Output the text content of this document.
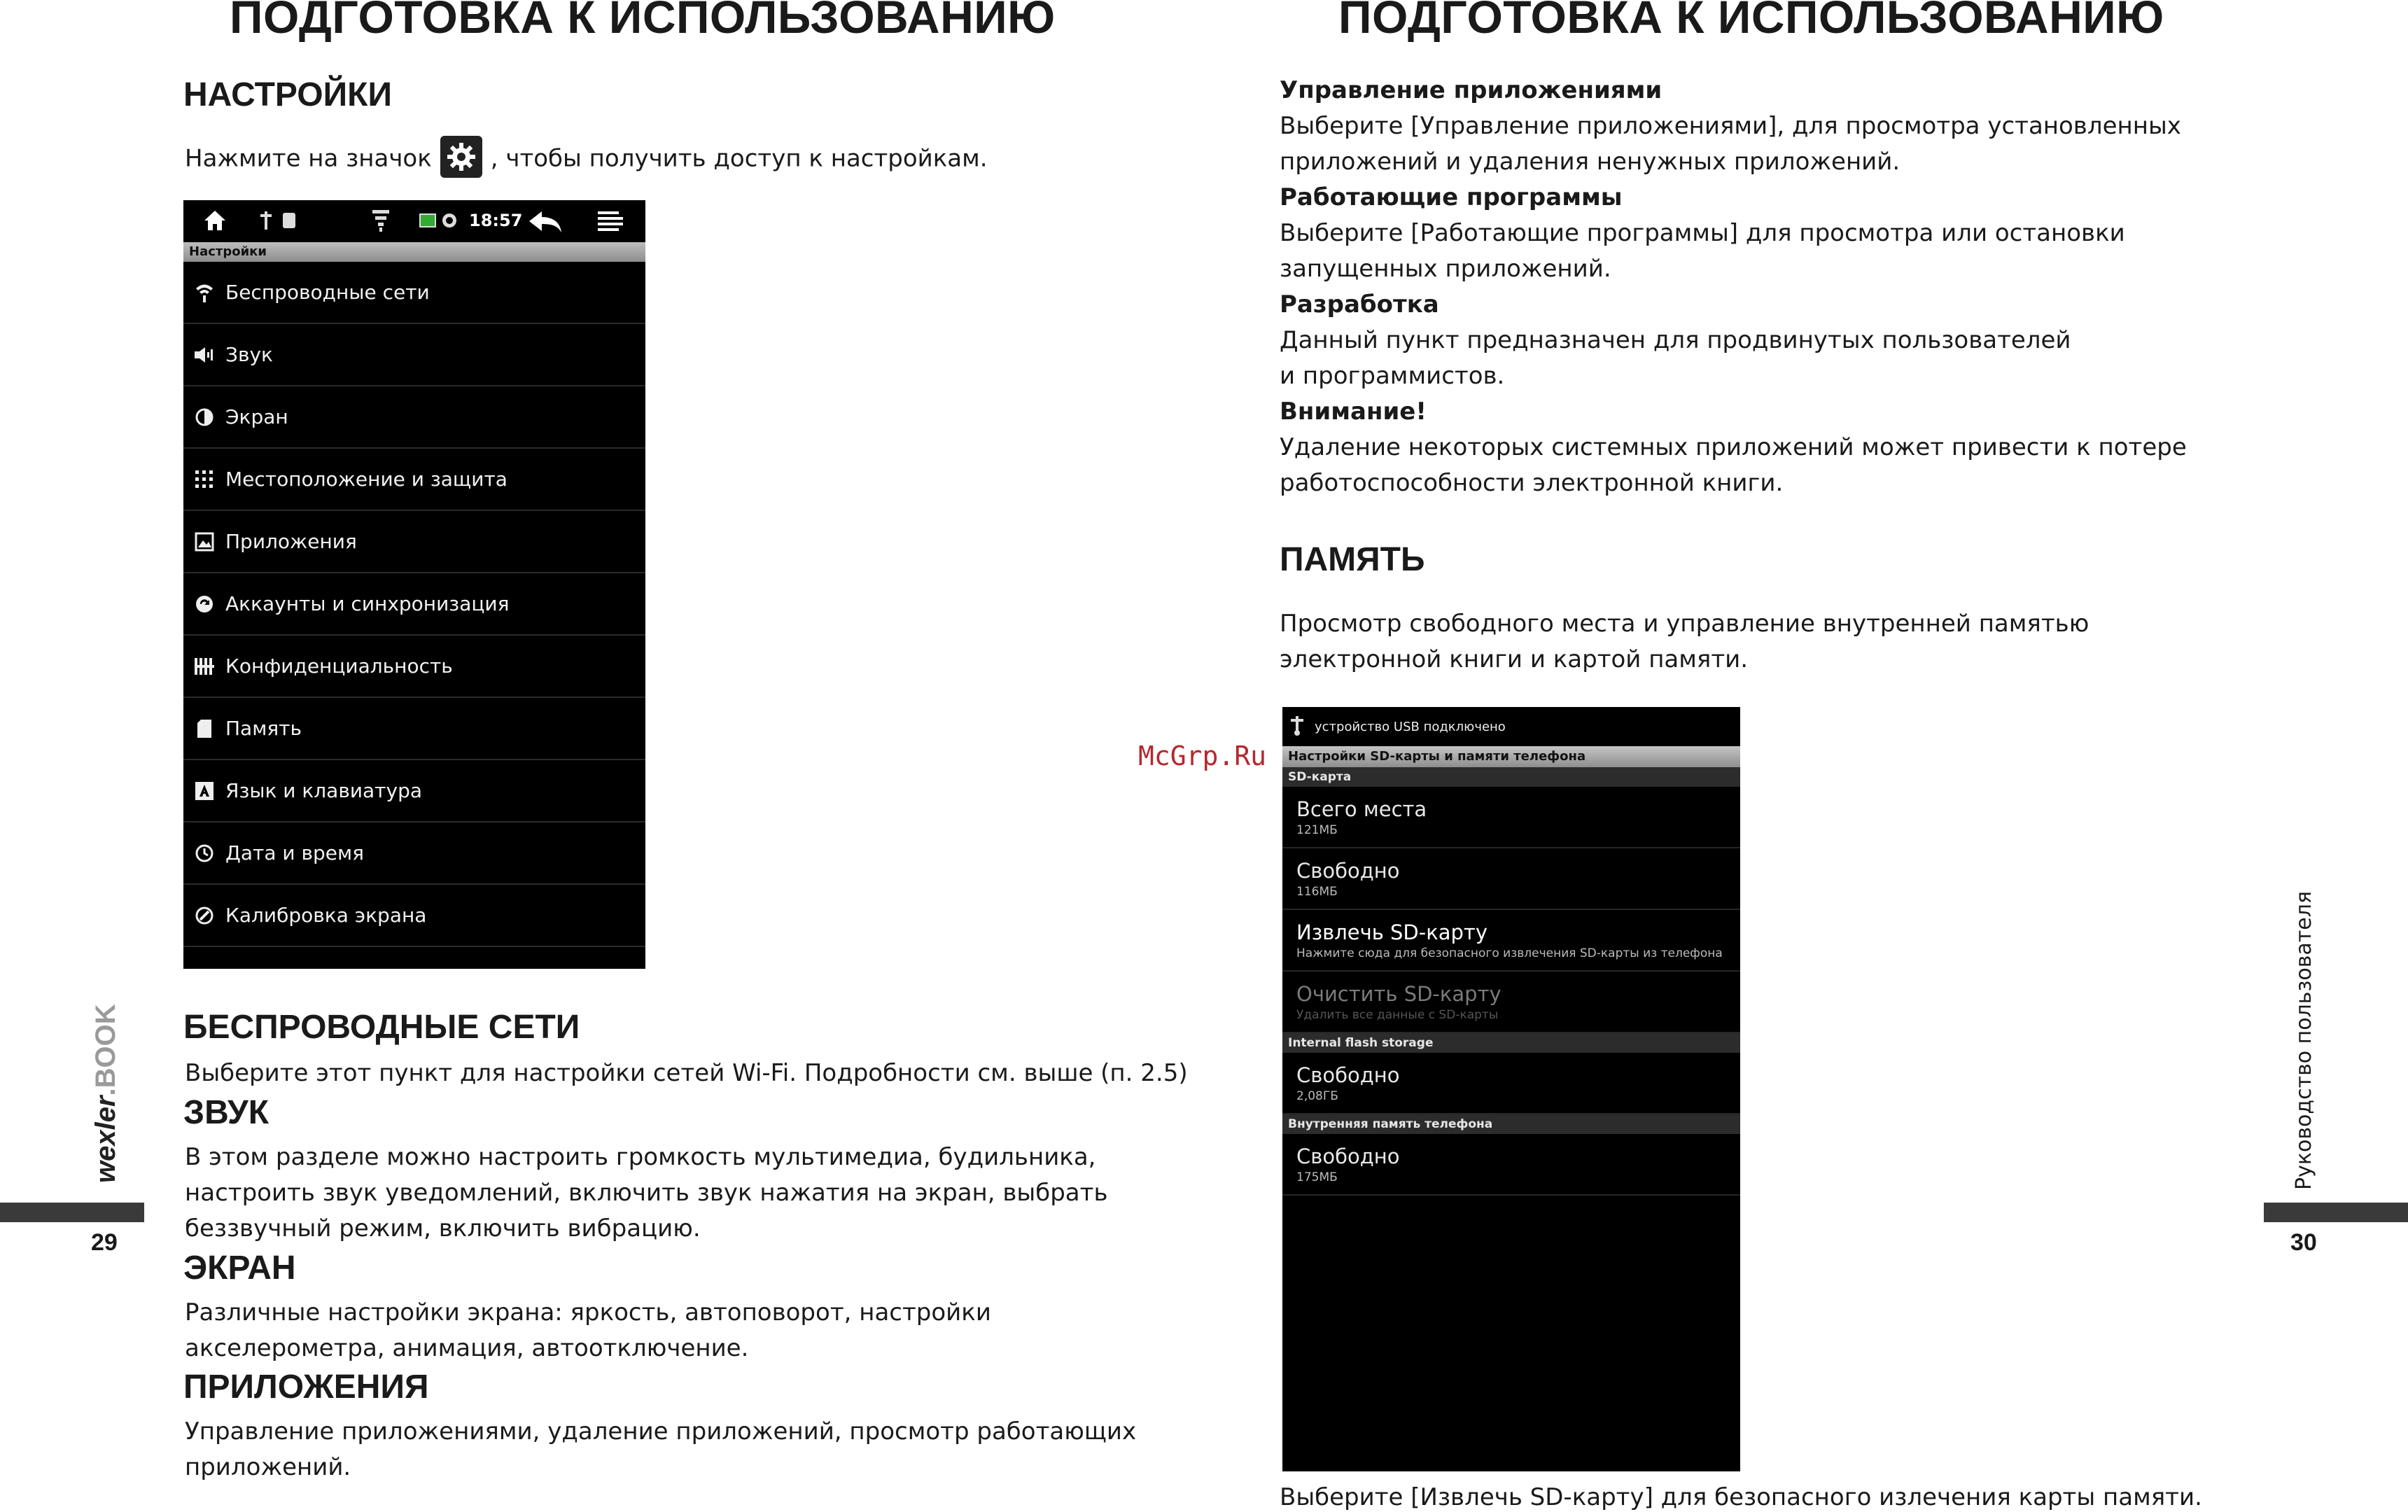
ПОДГОТОВКА К ИСПОЛЬЗОВАНИЮ
НАСТРОЙКИ
Нажмите на значок , чтобы получить доступ к настройкам.
18:57
Настройки
Беспроводные сети
Звук
Экран
Местоположение и защита
Приложения
Аккаунты и синхронизация
Конфиденциальность
Память
Язык и клавиатура
Дата и время
Калибровка экрана
БЕСПРОВОДНЫЕ СЕТИ
Выберите этот пункт для настройки сетей Wi-Fi. Подробности см. выше (п. 2.5)
ЗВУК
В этом разделе можно настроить громкость мультимедиа, будильника,
настроить звук уведомлений, включить звук нажатия на экран, выбрать
беззвучный режим, включить вибрацию.
ЭКРАН
Различные настройки экрана: яркость, автоповорот, настройки
акселерометра, анимация, автоотключение.
ПРИЛОЖЕНИЯ
Управление приложениями, удаление приложений, просмотр работающих
приложений.
wexler.BOOK
29
McGrp.Ru
ПОДГОТОВКА К ИСПОЛЬЗОВАНИЮ
Управление приложениями
Выберите [Управление приложениями], для просмотра установленных
приложений и удаления ненужных приложений.
Работающие программы
Выберите [Работающие программы] для просмотра или остановки
запущенных приложений.
Разработка
Данный пункт предназначен для продвинутых пользователей
и программистов.
Внимание!
Удаление некоторых системных приложений может привести к потере
работоспособности электронной книги.
ПАМЯТЬ
Просмотр свободного места и управление внутренней памятью
электронной книги и картой памяти.
устройство USB подключено
Настройки SD-карты и памяти телефона
SD-карта
Всего места
121МБ
Свободно
116МБ
Извлечь SD-карту
Нажмите сюда для безопасного извлечения SD-карты из телефона
Очистить SD-карту
Удалить все данные с SD-карты
Internal flash storage
Свободно
2,08ГБ
Внутренняя память телефона
Свободно
175МБ
Выберите [Извлечь SD-карту] для безопасного излечения карты памяти.
Руководство пользователя
30
